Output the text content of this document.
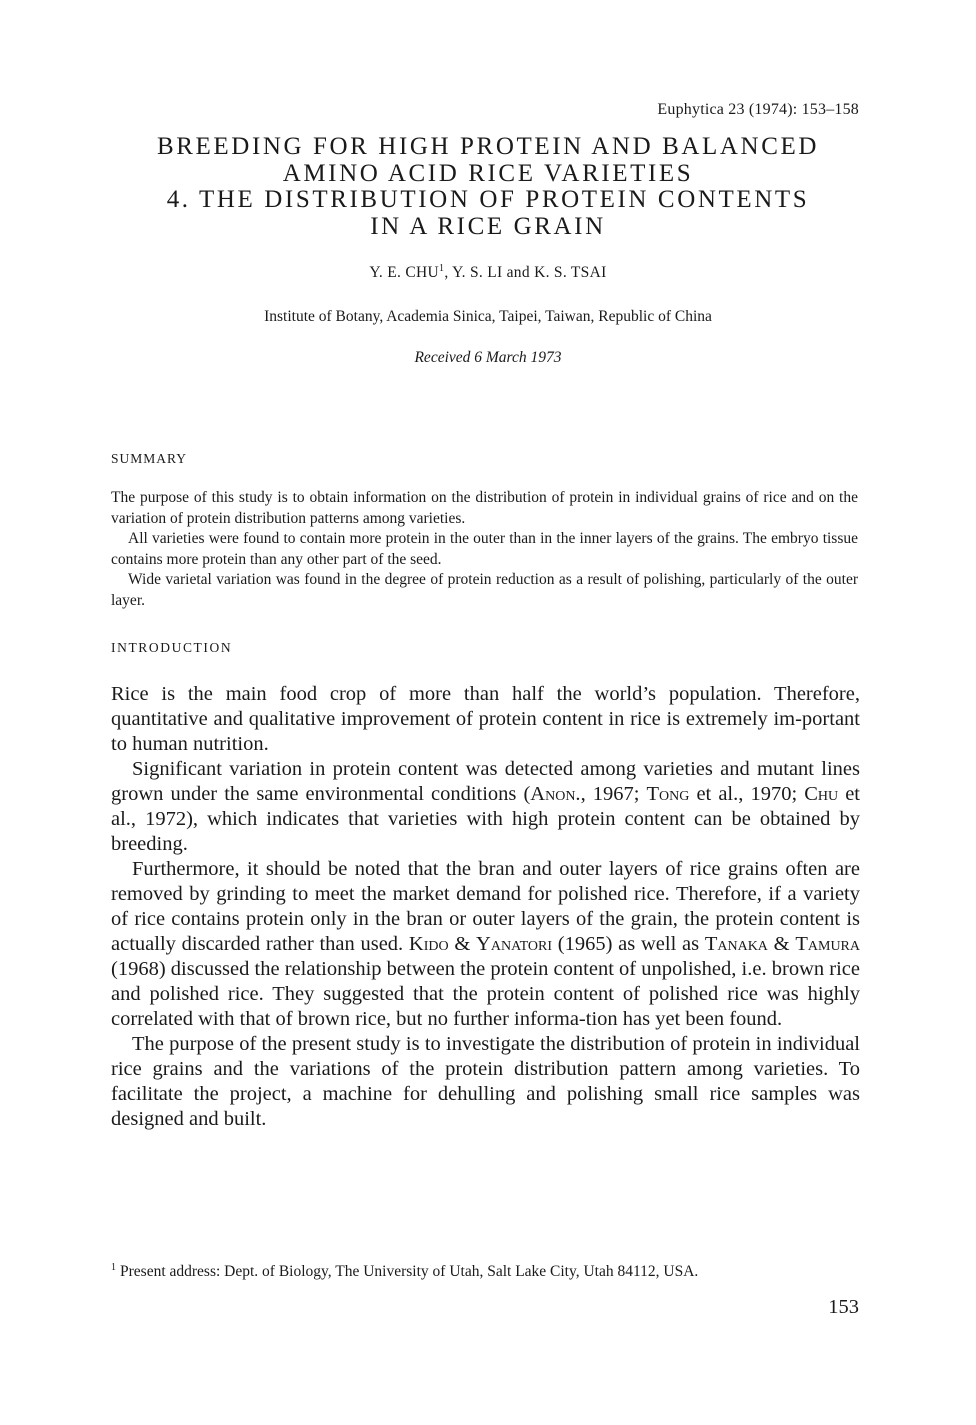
Euphytica 23 (1974): 153–158
BREEDING FOR HIGH PROTEIN AND BALANCED
AMINO ACID RICE VARIETIES
4. THE DISTRIBUTION OF PROTEIN CONTENTS
IN A RICE GRAIN
Y. E. CHU$^1$, Y. S. LI and K. S. TSAI
Institute of Botany, Academia Sinica, Taipei, Taiwan, Republic of China
Received 6 March 1973
SUMMARY

The purpose of this study is to obtain information on the distribution of protein in individual grains of rice and on the variation of protein distribution patterns among varieties.

All varieties were found to contain more protein in the outer than in the inner layers of the grains. The embryo tissue contains more protein than any other part of the seed.

Wide varietal variation was found in the degree of protein reduction as a result of polishing, particularly of the outer layer.

INTRODUCTION

Rice is the main food crop of more than half the world’s population. Therefore, quantitative and qualitative improvement of protein content in rice is extremely im-portant to human nutrition.

Significant variation in protein content was detected among varieties and mutant lines grown under the same environmental conditions (Anon., 1967; Tong et al., 1970; Chu et al., 1972), which indicates that varieties with high protein content can be obtained by breeding.

Furthermore, it should be noted that the bran and outer layers of rice grains often are removed by grinding to meet the market demand for polished rice. Therefore, if a variety of rice contains protein only in the bran or outer layers of the grain, the protein content is actually discarded rather than used. Kido & Yanatori (1965) as well as Tanaka & Tamura (1968) discussed the relationship between the protein content of unpolished, i.e. brown rice and polished rice. They suggested that the protein content of polished rice was highly correlated with that of brown rice, but no further informa-tion has yet been found.

The purpose of the present study is to investigate the distribution of protein in individual rice grains and the variations of the protein distribution pattern among varieties. To facilitate the project, a machine for dehulling and polishing small rice samples was designed and built.

$^1$ Present address: Dept. of Biology, The University of Utah, Salt Lake City, Utah 84112, USA.
153
